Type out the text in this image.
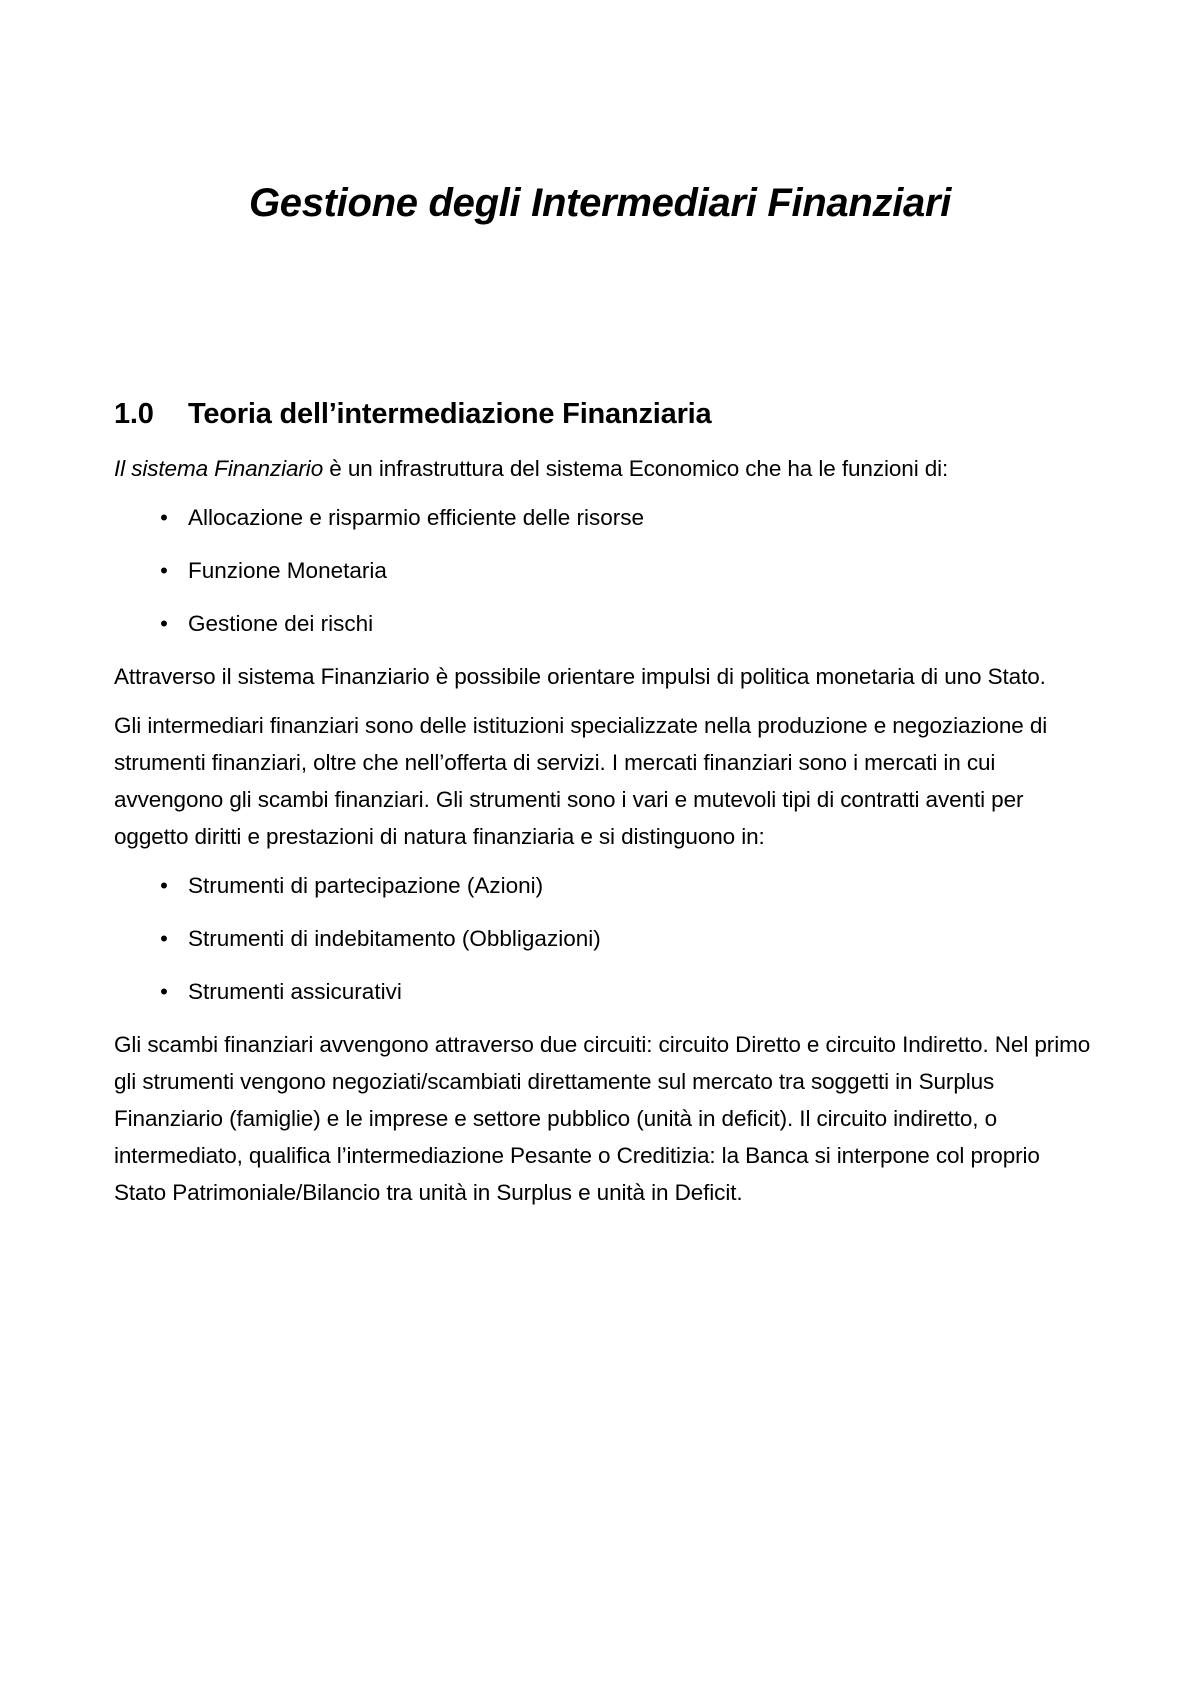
Gestione degli Intermediari Finanziari
1.0 Teoria dell’intermediazione Finanziaria

Il sistema Finanziario è un infrastruttura del sistema Economico che ha le funzioni di:

• Allocazione e risparmio efficiente delle risorse
• Funzione Monetaria
• Gestione dei rischi

Attraverso il sistema Finanziario è possibile orientare impulsi di politica monetaria di uno Stato.

Gli intermediari finanziari sono delle istituzioni specializzate nella produzione e negoziazione di strumenti finanziari, oltre che nell’offerta di servizi. I mercati finanziari sono i mercati in cui avvengono gli scambi finanziari. Gli strumenti sono i vari e mutevoli tipi di contratti aventi per oggetto diritti e prestazioni di natura finanziaria e si distinguono in:

• Strumenti di partecipazione (Azioni)
• Strumenti di indebitamento (Obbligazioni)
• Strumenti assicurativi

Gli scambi finanziari avvengono attraverso due circuiti: circuito Diretto e circuito Indiretto. Nel primo gli strumenti vengono negoziati/scambiati direttamente sul mercato tra soggetti in Surplus Finanziario (famiglie) e le imprese e settore pubblico (unità in deficit). Il circuito indiretto, o intermediato, qualifica l’intermediazione Pesante o Creditizia: la Banca si interpone col proprio Stato Patrimoniale/Bilancio tra unità in Surplus e unità in Deficit.
